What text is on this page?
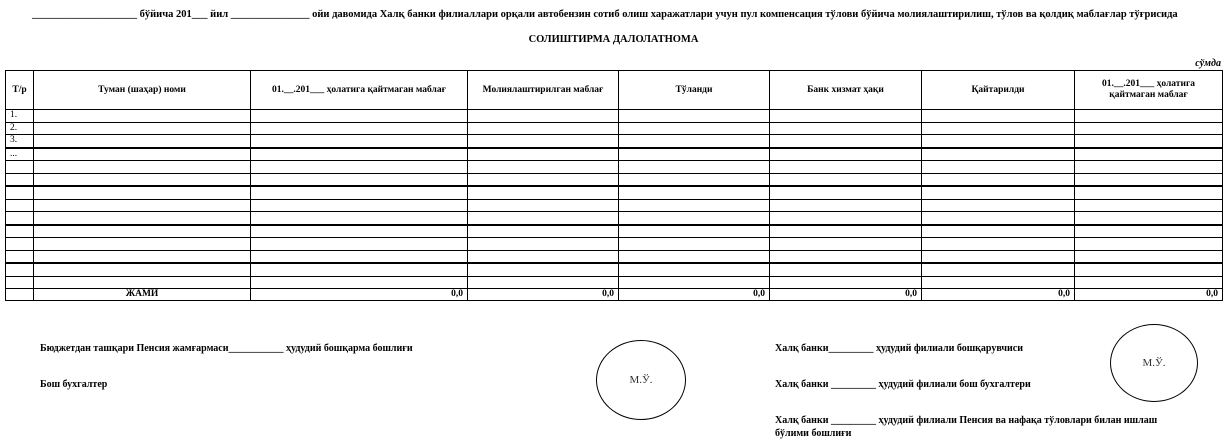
____________________ бўйича 201___ йил _______________ ойи давомида Халқ банки филиаллари орқали автобензин сотиб олиш харажатлари учун пул компенсация тўлови бўйича молиялаштирилиш, тўлов ва қолдиқ маблағлар тўғрисида
СОЛИШТИРМА ДАЛОЛАТНОМА
сўмда
Т/р	Туман (шаҳар) номи	01.__.201___ ҳолатига қайтмаган маблағ	Молиялаштирилган маблағ	Тўланди	Банк хизмат ҳақи	Қайтарилди	01.__.201___ ҳолатига қайтмаган маблағ
1.							
2.							
3.							
...							

	ЖАМИ	0,0	0,0	0,0	0,0	0,0	0,0
Бюджетдан ташқари Пенсия жамғармаси___________ ҳудудий бошқарма бошлиғи
Бош бухгалтер	М.Ў.
Халқ банки_________ ҳудудий филиали бошқарувчиси
Халқ банки _________ ҳудудий филиали бош бухгалтери
Халқ банки _________ ҳудудий филиали Пенсия ва нафақа тўловлари билан ишлаш
бўлими бошлиғи
М.Ў.
